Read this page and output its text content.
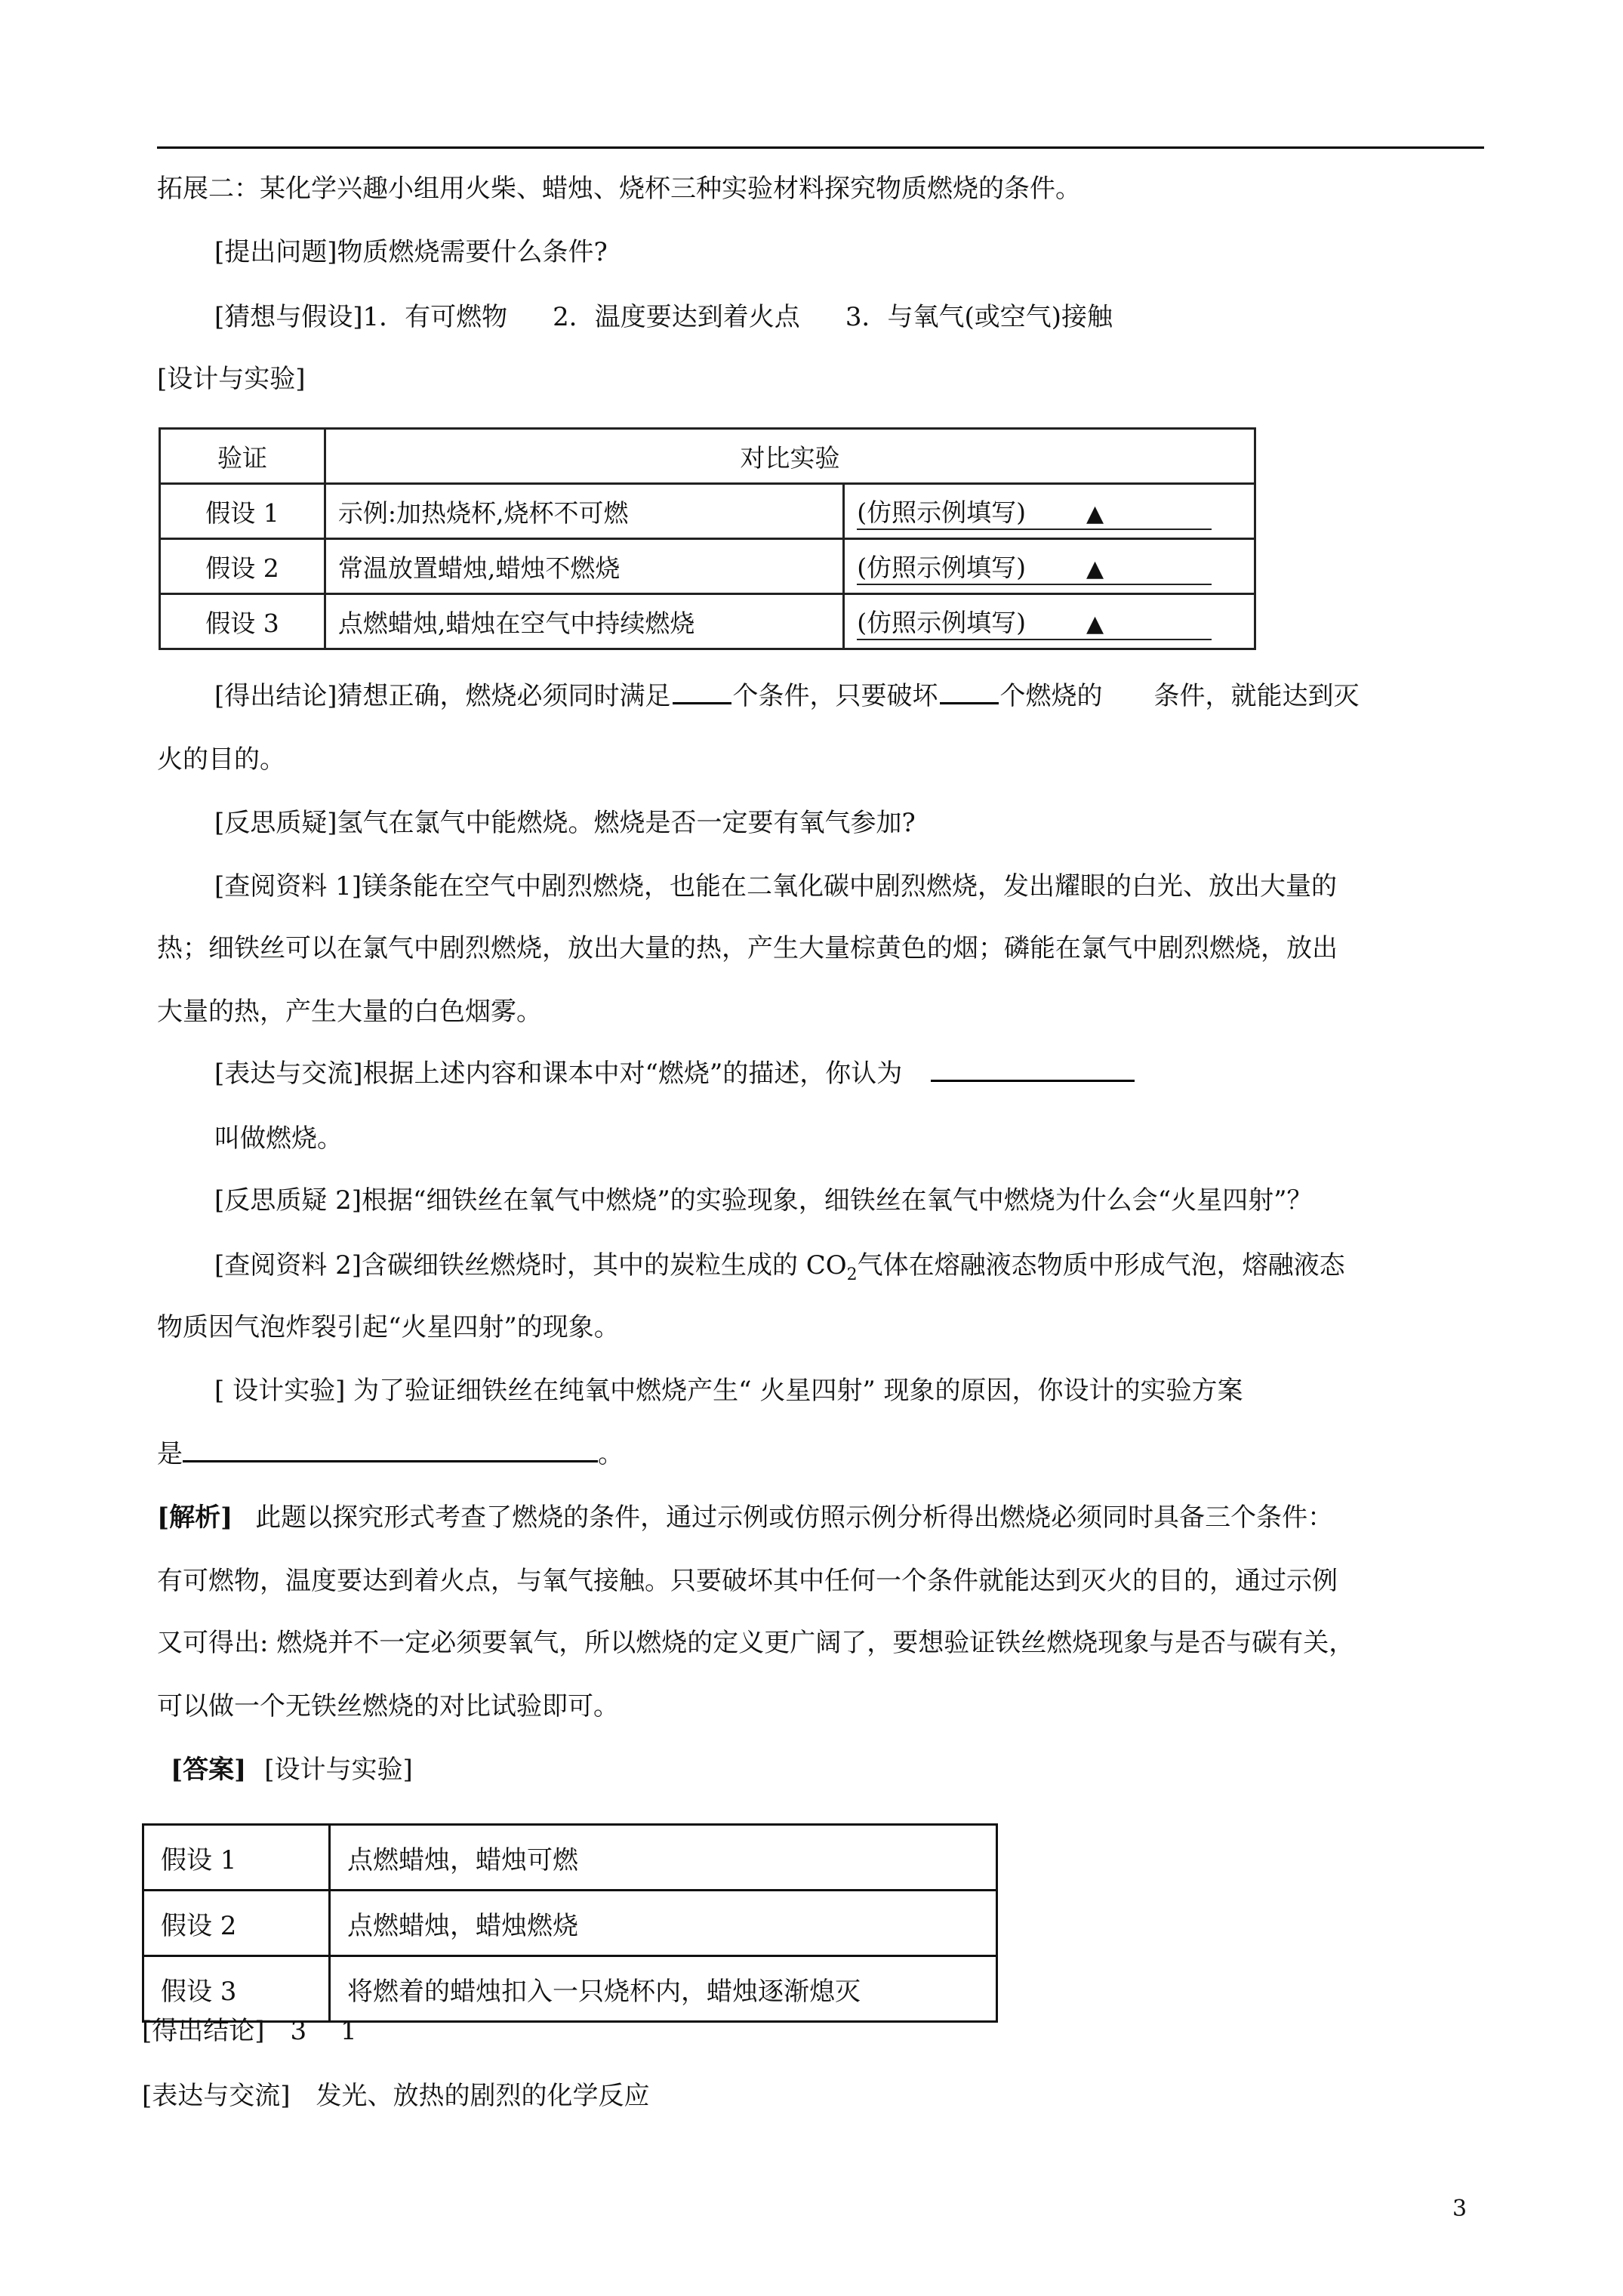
拓展二：某化学兴趣小组用火柴、蜡烛、烧杯三种实验材料探究物质燃烧的条件。
[提出问题]物质燃烧需要什么条件?
[猜想与假设]1．有可燃物 2．温度要达到着火点 3．与氧气(或空气)接触
[设计与实验]
验证	对比实验	
假设 1	示例:加热烧杯,烧杯不可燃	(仿照示例填写) ▲
假设 2	常温放置蜡烛,蜡烛不燃烧	(仿照示例填写) ▲
假设 3	点燃蜡烛,蜡烛在空气中持续燃烧	(仿照示例填写) ▲
[得出结论]猜想正确，燃烧必须同时满足 个条件，只要破坏 个燃烧的　　条件，就能达到灭
火的目的。
[反思质疑]氢气在氯气中能燃烧。燃烧是否一定要有氧气参加?
[查阅资料 1]镁条能在空气中剧烈燃烧，也能在二氧化碳中剧烈燃烧，发出耀眼的白光、放出大量的
热；细铁丝可以在氯气中剧烈燃烧，放出大量的热，产生大量棕黄色的烟；磷能在氯气中剧烈燃烧，放出
大量的热，产生大量的白色烟雾。
[表达与交流]根据上述内容和课本中对“燃烧”的描述，你认为
叫做燃烧。
[反思质疑 2]根据“细铁丝在氧气中燃烧”的实验现象，细铁丝在氧气中燃烧为什么会“火星四射”？
[查阅资料 2]含碳细铁丝燃烧时，其中的炭粒生成的 $CO_2$气体在熔融液态物质中形成气泡，熔融液态
物质因气泡炸裂引起“火星四射”的现象。
[ 设计实验] 为了验证细铁丝在纯氧中燃烧产生“ 火星四射” 现象的原因，你设计的实验方案
是	。
[解析] 此题以探究形式考查了燃烧的条件，通过示例或仿照示例分析得出燃烧必须同时具备三个条件：
有可燃物，温度要达到着火点，与氧气接触。只要破坏其中任何一个条件就能达到灭火的目的，通过示例
又可得出: 燃烧并不一定必须要氧气，所以燃烧的定义更广阔了，要想验证铁丝燃烧现象与是否与碳有关，
可以做一个无铁丝燃烧的对比试验即可。
[答案] [设计与实验]
假设 1	点燃蜡烛，蜡烛可燃
假设 2	点燃蜡烛，蜡烛燃烧
假设 3	将燃着的蜡烛扣入一只烧杯内，蜡烛逐渐熄灭
[得出结论]　3　 1
[表达与交流]　发光、放热的剧烈的化学反应
3
